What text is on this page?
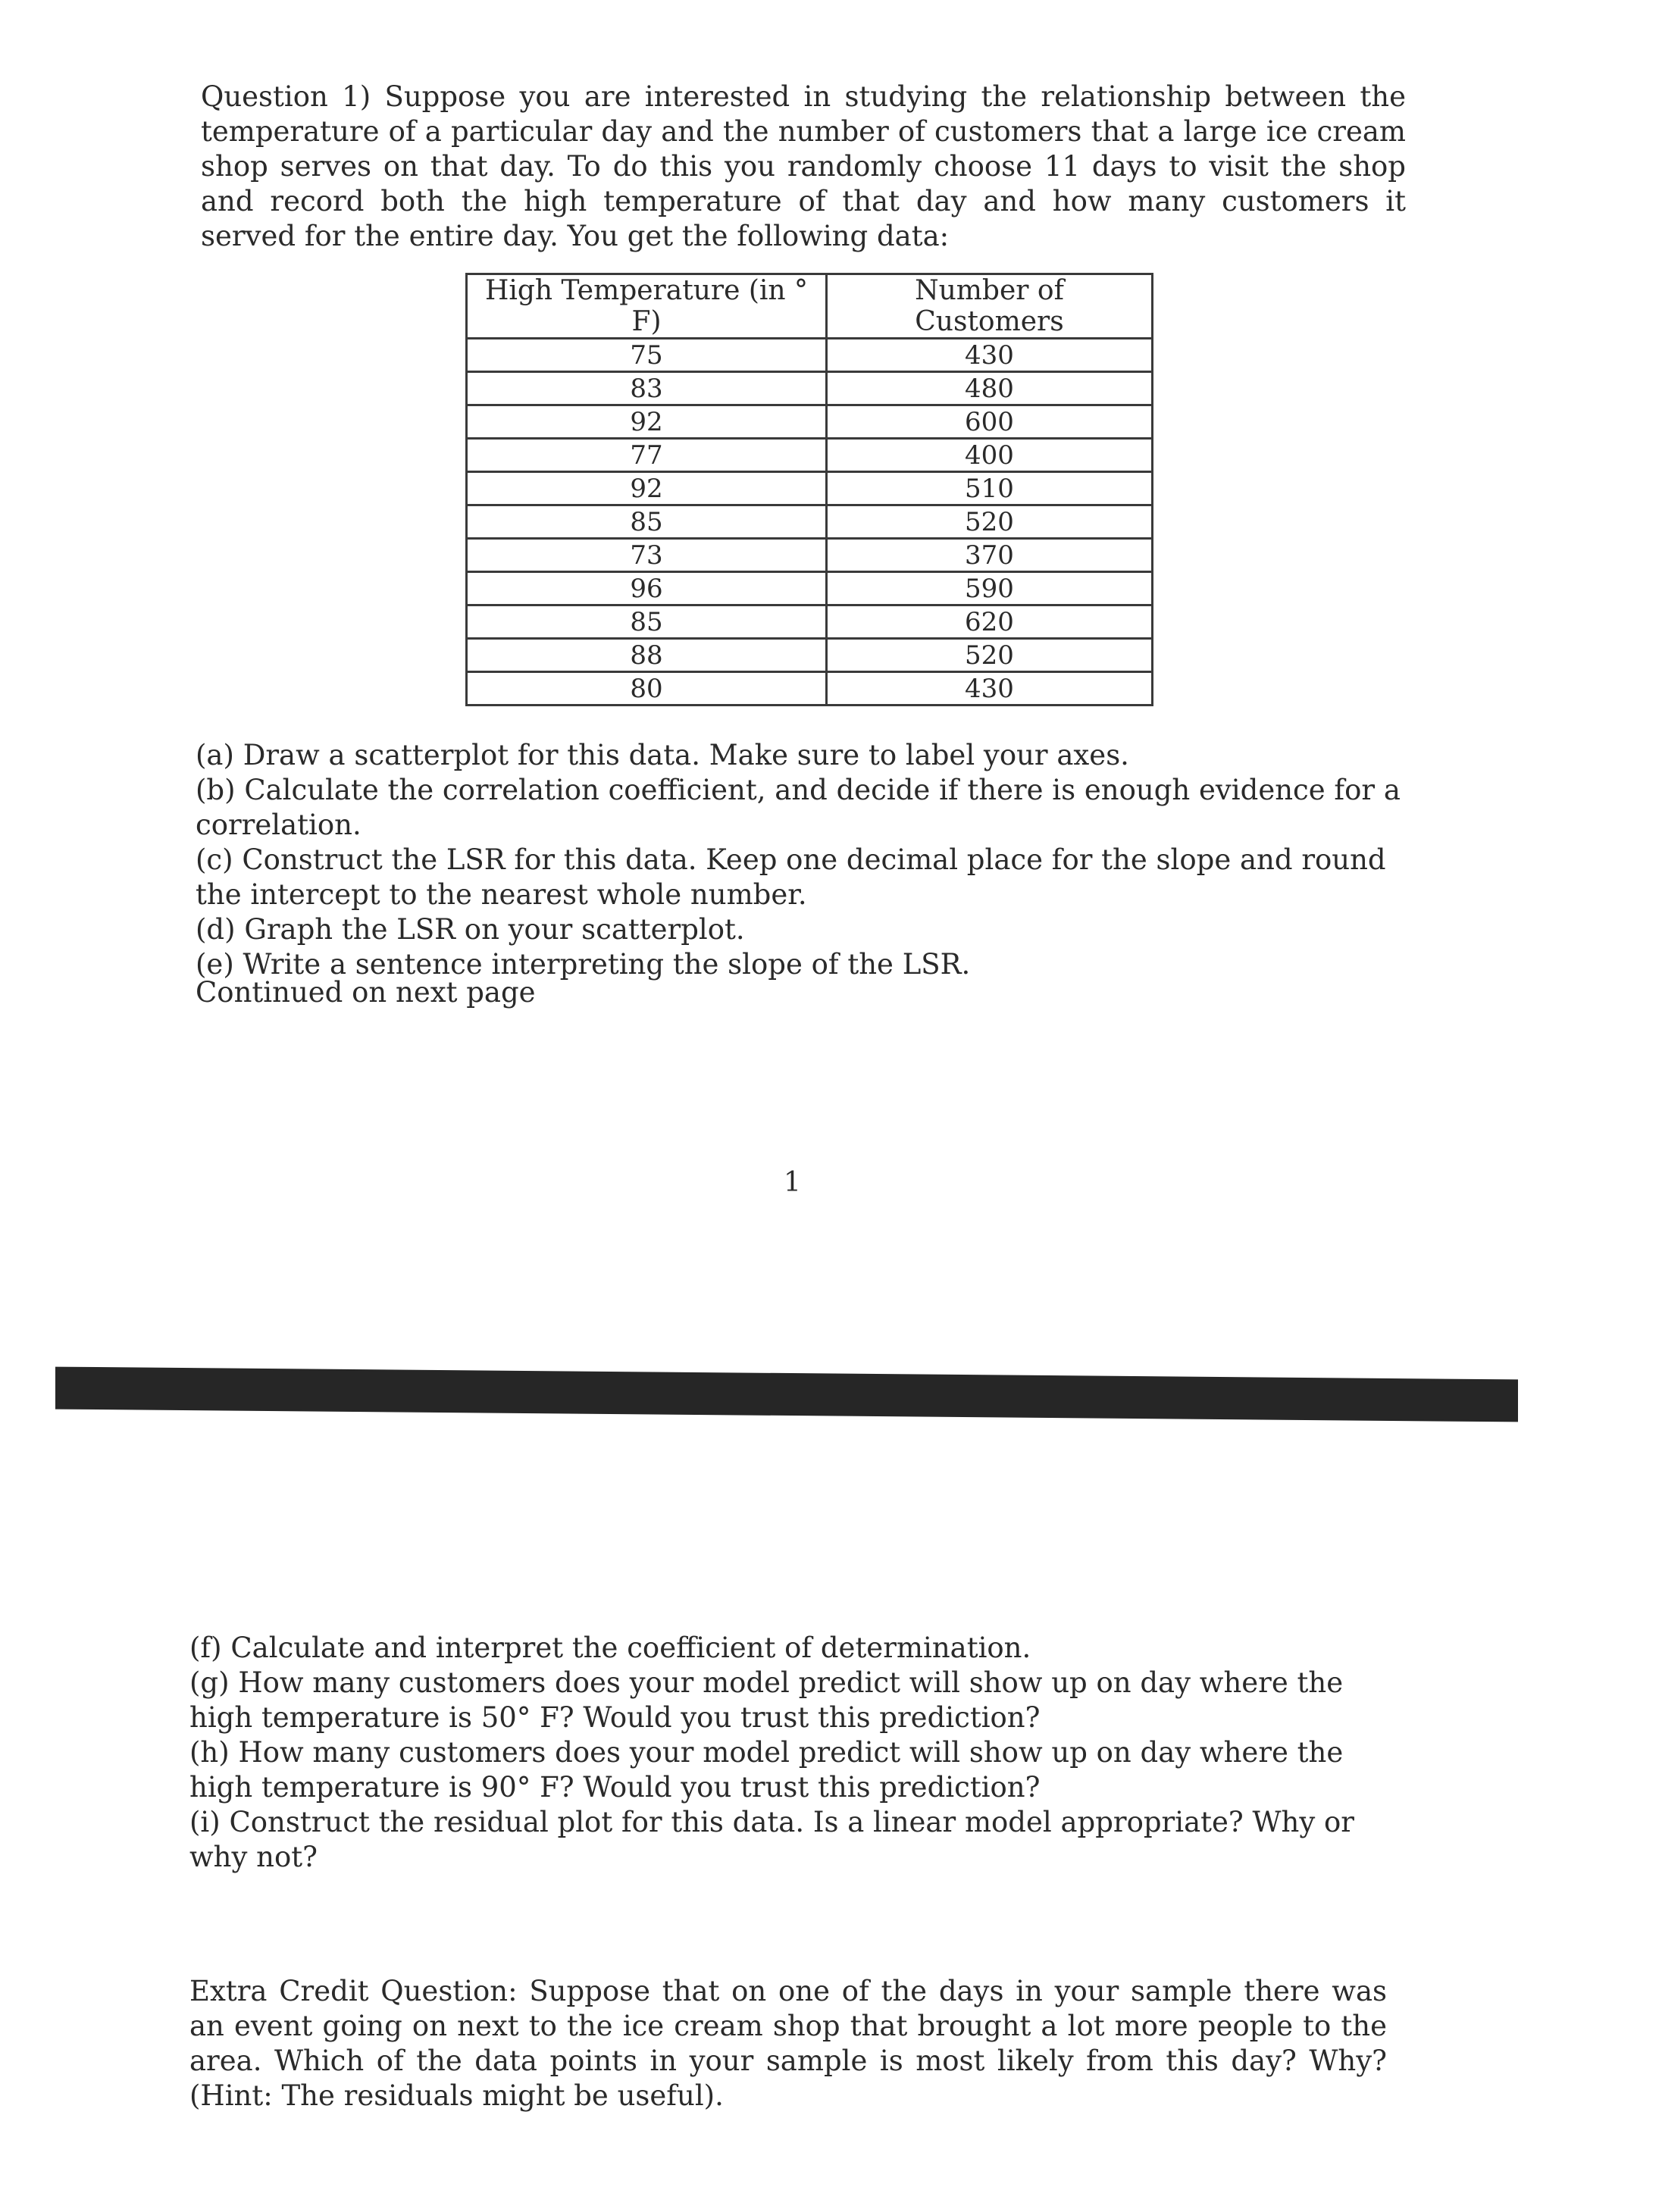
Question 1) Suppose you are interested in studying the relationship between the temperature of a particular day and the number of customers that a large ice cream shop serves on that day. To do this you randomly choose 11 days to visit the shop and record both the high temperature of that day and how many customers it served for the entire day. You get the following data:
High Temperature (in ° F)	Number of Customers
75	430
83	480
92	600
77	400
92	510
85	520
73	370
96	590
85	620
88	520
80	430

(a) Draw a scatterplot for this data. Make sure to label your axes.

(b) Calculate the correlation coefficient, and decide if there is enough evidence for a correlation.

(c) Construct the LSR for this data. Keep one decimal place for the slope and round the intercept to the nearest whole number.

(d) Graph the LSR on your scatterplot.

(e) Write a sentence interpreting the slope of the LSR.

Continued on next page
1

(f) Calculate and interpret the coefficient of determination.

(g) How many customers does your model predict will show up on day where the high temperature is 50° F? Would you trust this prediction?

(h) How many customers does your model predict will show up on day where the high temperature is 90° F? Would you trust this prediction?

(i) Construct the residual plot for this data. Is a linear model appropriate? Why or why not?

Extra Credit Question: Suppose that on one of the days in your sample there was an event going on next to the ice cream shop that brought a lot more people to the area. Which of the data points in your sample is most likely from this day? Why? (Hint: The residuals might be useful).
